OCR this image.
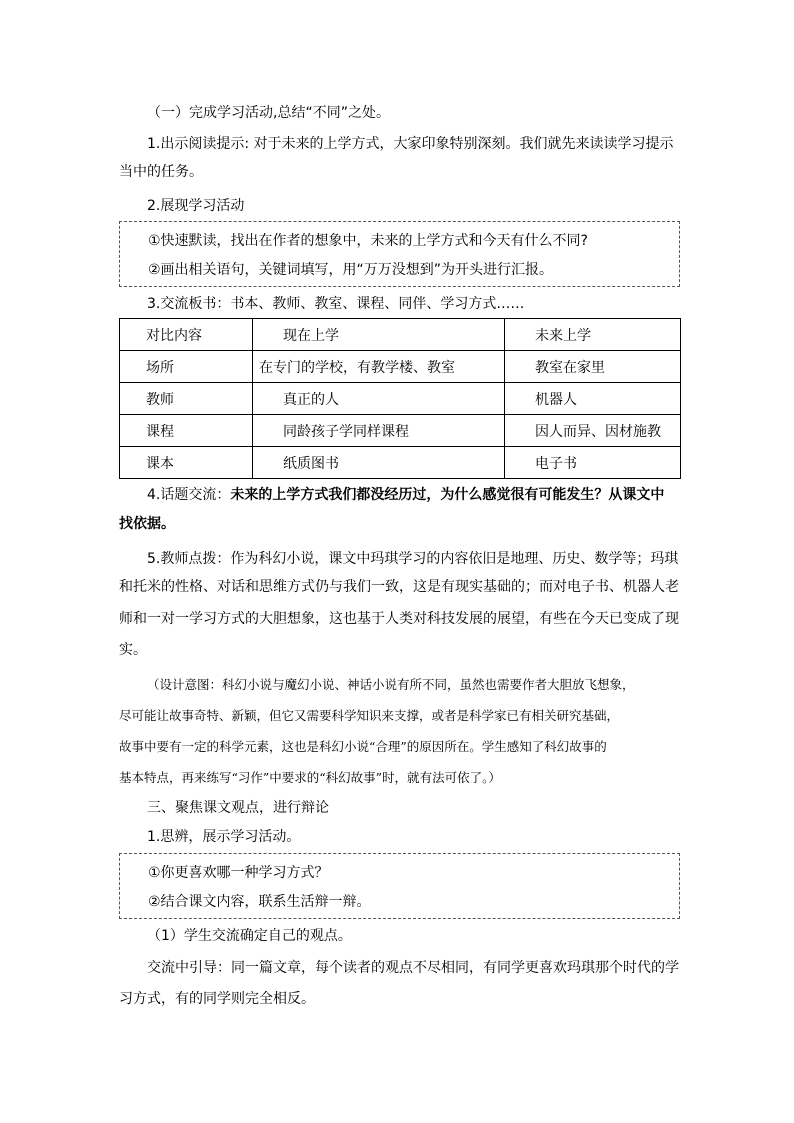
（一）完成学习活动,总结“不同”之处。
1.出示阅读提示: 对于未来的上学方式，大家印象特别深刻。我们就先来读读学习提示
当中的任务。
2.展现学习活动
①快速默读，找出在作者的想象中，未来的上学方式和今天有什么不同?
②画出相关语句，关键词填写，用“万万没想到”为开头进行汇报。
3.交流板书：书本、教师、教室、课程、同伴、学习方式……
对比内容	现在上学	未来上学
场所	在专门的学校，有教学楼、教室	教室在家里
教师	真正的人	机器人
课程	同龄孩子学同样课程	因人而异、因材施教
课本	纸质图书	电子书
4.话题交流：未来的上学方式我们都没经历过，为什么感觉很有可能发生？从课文中
找依据。
5.教师点拨：作为科幻小说，课文中玛琪学习的内容依旧是地理、历史、数学等；玛琪
和托米的性格、对话和思维方式仍与我们一致，这是有现实基础的；而对电子书、机器人老
师和一对一学习方式的大胆想象，这也基于人类对科技发展的展望，有些在今天已变成了现
实。
（设计意图：科幻小说与魔幻小说、神话小说有所不同，虽然也需要作者大胆放飞想象，
尽可能让故事奇特、新颖，但它又需要科学知识来支撑，或者是科学家已有相关研究基础，
故事中要有一定的科学元素，这也是科幻小说“合理”的原因所在。学生感知了科幻故事的
基本特点，再来练写“习作”中要求的“科幻故事”时，就有法可依了。）
三、聚焦课文观点，进行辩论
1.思辨，展示学习活动。
①你更喜欢哪一种学习方式？
②结合课文内容，联系生活辩一辩。
（1）学生交流确定自己的观点。
交流中引导：同一篇文章，每个读者的观点不尽相同，有同学更喜欢玛琪那个时代的学
习方式，有的同学则完全相反。
